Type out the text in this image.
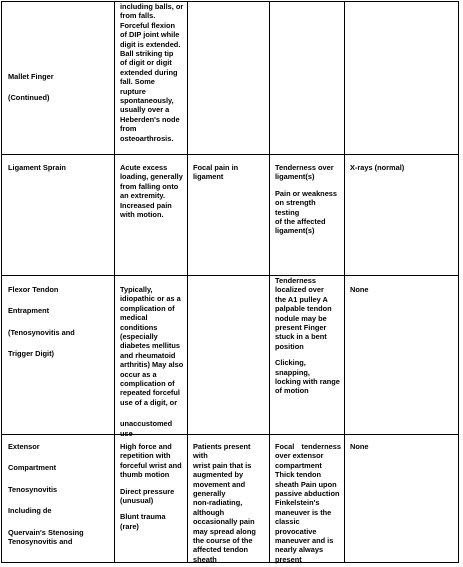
Mallet Finger

(Continued)

including balls, or
from falls.
Forceful flexion
of DIP joint while
digit is extended.
Ball striking tip
of digit or digit
extended during
fall. Some
rupture
spontaneously,
usually over a
Heberden's node
from
osteoarthrosis.

Ligament Sprain	Acute excess
loading, generally
from falling onto
an extremity.
Increased pain
with motion.

Focal pain in
ligament

Tenderness over
ligament(s)

Pain or weakness
on strength testing
of the affected
ligament(s)

X-rays (normal)

Flexor Tendon

Entrapment

(Tenosynovitis and

Trigger Digit)

Typically,
idiopathic or as a
complication of
medical
conditions
(especially
diabetes mellitus
and rheumatoid
arthritis) May also
occur as a
complication of
repeated forceful
use of a digit, or

unaccustomed
use

Tenderness
localized over
the A1 pulley A
palpable tendon
nodule may be
present Finger
stuck in a bent
position

Clicking, snapping,
locking with range
of motion

None

Extensor

Compartment

Tenosynovitis

Including de

Quervain's Stenosing
Tenosynovitis and

High force and
repetition with
forceful wrist and
thumb motion

Direct pressure
(unusual)

Blunt trauma
(rare)

Patients present with
wrist pain that is
augmented by
movement and
generally
non-radiating,
although
occasionally pain
may spread along
the course of the
affected tendon
sheath

Focal tenderness over extensor

compartment
Thick tendon
sheath Pain upon
passive abduction
Finkelstein's
maneuver is the
classic
provocative
maneuver and is
nearly always
present

None
